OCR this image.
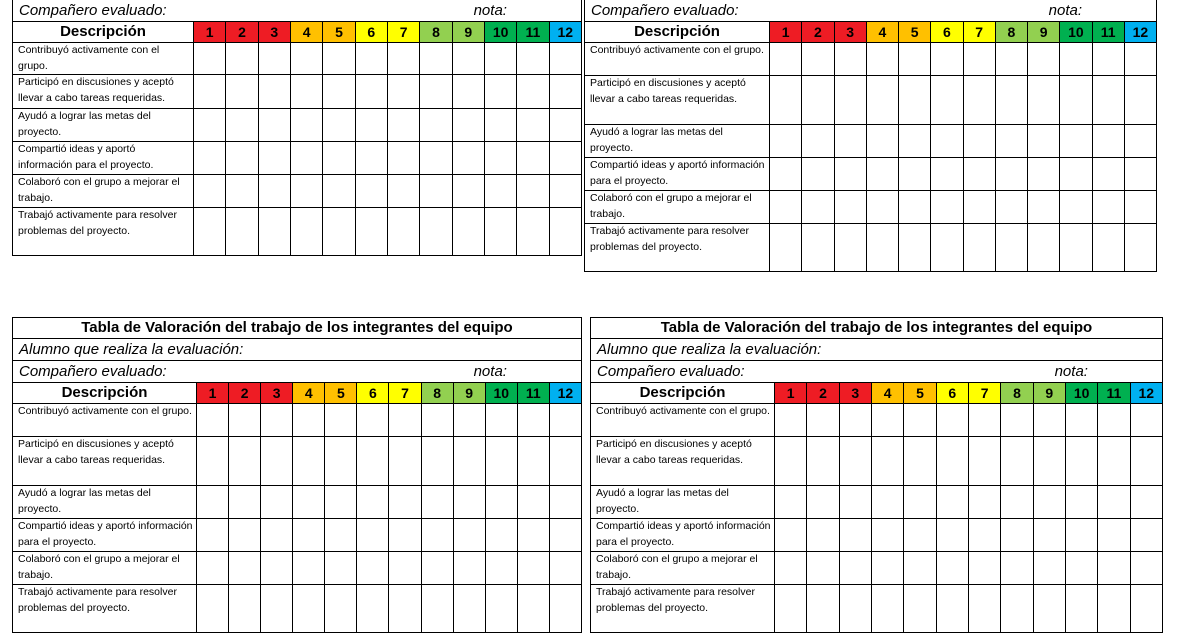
Compañero evaluado: nota:												

Descripción	1	2	3	4	5	6	7	8	9	10	11	12
Contribuyó activamente con el grupo.												
Participó en discusiones y aceptó llevar a cabo tareas requeridas.												
Ayudó a lograr las metas del proyecto.												
Compartió ideas y aportó información para el proyecto.												
Colaboró con el grupo a mejorar el trabajo.												
Trabajó activamente para resolver problemas del proyecto.												
Compañero evaluado: nota:												

Descripción	1	2	3	4	5	6	7	8	9	10	11	12
Contribuyó activamente con el grupo.												
Participó en discusiones y aceptó llevar a cabo tareas requeridas.												
Ayudó a lograr las metas del proyecto.												
Compartió ideas y aportó información para el proyecto.												
Colaboró con el grupo a mejorar el trabajo.												
Trabajó activamente para resolver problemas del proyecto.												
Tabla de Valoración del trabajo de los integrantes del equipo												
Alumno que realiza la evaluación:												
Compañero evaluado: nota:												

Descripción	1	2	3	4	5	6	7	8	9	10	11	12
Contribuyó activamente con el grupo.												
Participó en discusiones y aceptó llevar a cabo tareas requeridas.												
Ayudó a lograr las metas del proyecto.												
Compartió ideas y aportó información para el proyecto.												
Colaboró con el grupo a mejorar el trabajo.												
Trabajó activamente para resolver problemas del proyecto.												
Tabla de Valoración del trabajo de los integrantes del equipo												
Alumno que realiza la evaluación:												
Compañero evaluado: nota:												

Descripción	1	2	3	4	5	6	7	8	9	10	11	12
Contribuyó activamente con el grupo.												
Participó en discusiones y aceptó llevar a cabo tareas requeridas.												
Ayudó a lograr las metas del proyecto.												
Compartió ideas y aportó información para el proyecto.												
Colaboró con el grupo a mejorar el trabajo.												
Trabajó activamente para resolver problemas del proyecto.												
